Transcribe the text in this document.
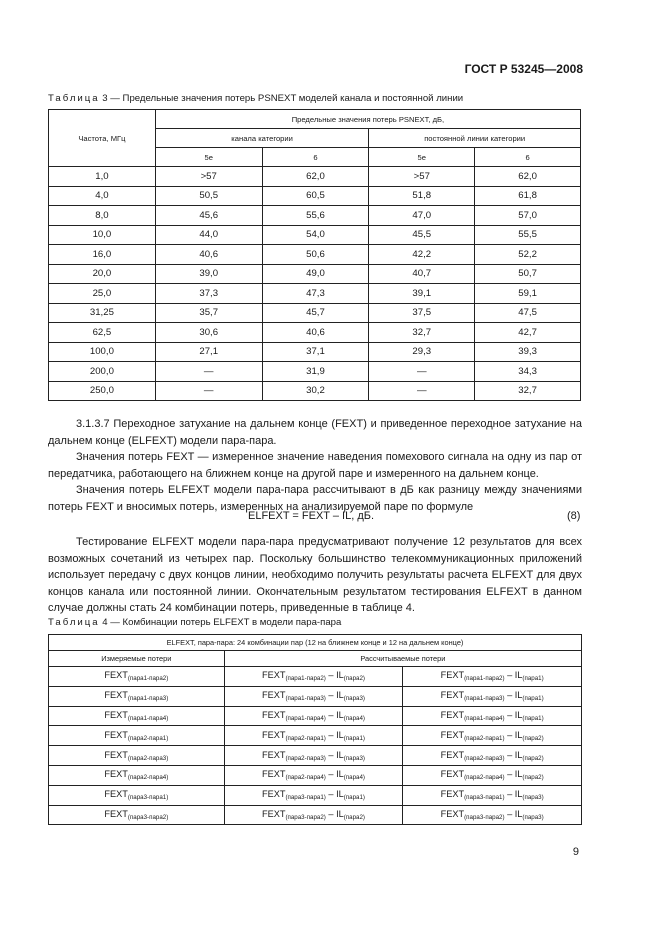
ГОСТ Р 53245—2008
Таблица 3 — Предельные значения потерь PSNEXT моделей канала и постоянной линии
Частота, МГц	Предельные значения потерь PSNEXT, дБ,			
	канала категории		постоянной линии категории	
	5е	6	5е	6
1,0	>57	62,0	>57	62,0
4,0	50,5	60,5	51,8	61,8
8,0	45,6	55,6	47,0	57,0
10,0	44,0	54,0	45,5	55,5
16,0	40,6	50,6	42,2	52,2
20,0	39,0	49,0	40,7	50,7
25,0	37,3	47,3	39,1	59,1
31,25	35,7	45,7	37,5	47,5
62,5	30,6	40,6	32,7	42,7
100,0	27,1	37,1	29,3	39,3
200,0	—	31,9	—	34,3
250,0	—	30,2	—	32,7

3.1.3.7 Переходное затухание на дальнем конце (FEXT) и приведенное переходное затухание на дальнем конце (ELFEXT) модели пара-пара.

Значения потерь FEXT — измеренное значение наведения помехового сигнала на одну из пар от передатчика, работающего на ближнем конце на другой паре и измеренного на дальнем конце.

Значения потерь ELFEXT модели пара-пара рассчитывают в дБ как разницу между значениями потерь FEXT и вносимых потерь, измеренных на анализируемой паре по формуле

ELFEXT = FEXT – IL, дБ.	(8)

Тестирование ELFEXT модели пара-пара предусматривают получение 12 результатов для всех возможных сочетаний из четырех пар. Поскольку большинство телекоммуникационных приложений использует передачу с двух концов линии, необходимо получить результаты расчета ELFEXT для двух концов канала или постоянной линии. Окончательным результатом тестирования ELFEXT в данном случае должны стать 24 комбинации потерь, приведенные в таблице 4.

Таблица 4 — Комбинации потерь ELFEXT в модели пара-пара
ELFEXT, пара-пара: 24 комбинации пар (12 на ближнем конце и 12 на дальнем конце)		
Измеряемые потери	Рассчитываемые потери	
$FEXT_{(пара1-пара2)}$	$FEXT_{(пара1-пара2)} - IL_{(пара2)}$	$FEXT_{(пара1-пара2)} - IL_{(пара1)}$
$FEXT_{(пара1-пара3)}$	$FEXT_{(пара1-пара3)} - IL_{(пара3)}$	$FEXT_{(пара1-пара3)} - IL_{(пара1)}$
$FEXT_{(пара1-пара4)}$	$FEXT_{(пара1-пара4)} - IL_{(пара4)}$	$FEXT_{(пара1-пара4)} - IL_{(пара1)}$
$FEXT_{(пара2-пара1)}$	$FEXT_{(пара2-пара1)} - IL_{(пара1)}$	$FEXT_{(пара2-пара1)} - IL_{(пара2)}$
$FEXT_{(пара2-пара3)}$	$FEXT_{(пара2-пара3)} - IL_{(пара3)}$	$FEXT_{(пара2-пара3)} - IL_{(пара2)}$
$FEXT_{(пара2-пара4)}$	$FEXT_{(пара2-пара4)} - IL_{(пара4)}$	$FEXT_{(пара2-пара4)} - IL_{(пара2)}$
$FEXT_{(пара3-пара1)}$	$FEXT_{(пара3-пара1)} - IL_{(пара1)}$	$FEXT_{(пара3-пара1)} - IL_{(пара3)}$
$FEXT_{(пара3-пара2)}$	$FEXT_{(пара3-пара2)} - IL_{(пара2)}$	$FEXT_{(пара3-пара2)} - IL_{(пара3)}$
9
